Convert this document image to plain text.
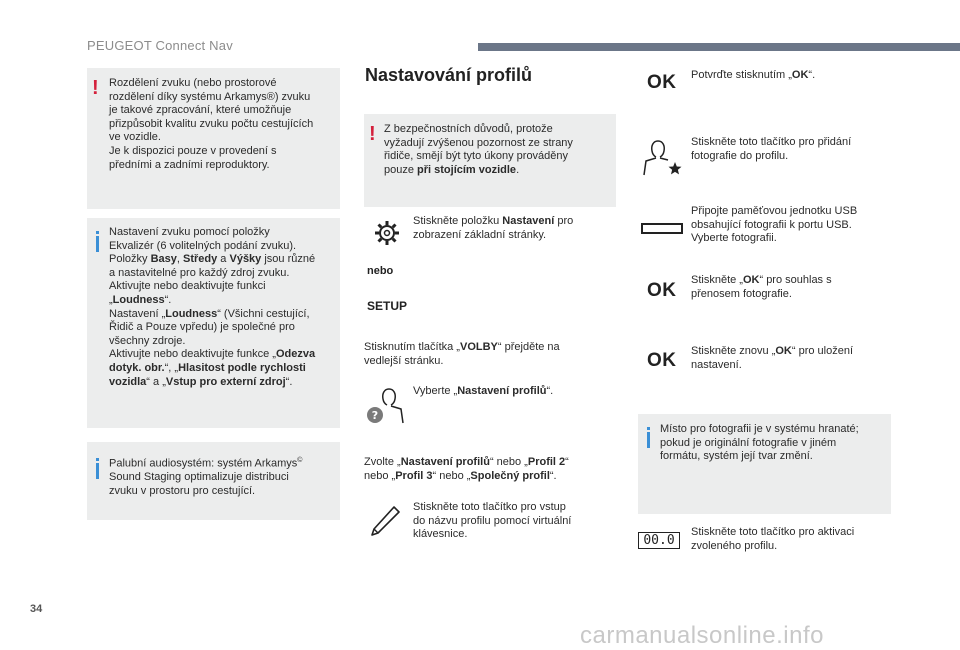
PEUGEOT Connect Nav
! Rozdělení zvuku (nebo prostorové

rozdělení díky systému Arkamys®) zvuku

je takové zpracování, které umožňuje

přizpůsobit kvalitu zvuku počtu cestujících

ve vozidle.

Je k dispozici pouze v provedení s

předními a zadními reproduktory.

Nastavení zvuku pomocí položky

Ekvalizér (6 volitelných podání zvuku).

Položky Basy, Středy a Výšky jsou různé

a nastavitelné pro každý zdroj zvuku.

Aktivujte nebo deaktivujte funkci

„Loudness“.

Nastavení „Loudness“ (Všichni cestující,

Řidič a Pouze vpředu) je společné pro

všechny zdroje.

Aktivujte nebo deaktivujte funkce „Odezva

dotyk. obr.“, „Hlasitost podle rychlosti

vozidla“ a „Vstup pro externí zdroj“.

Palubní audiosystém: systém Arkamys©

Sound Staging optimalizuje distribuci

zvuku v prostoru pro cestující.

Nastavování profilů
! Z bezpečnostních důvodů, protože

vyžadují zvýšenou pozornost ze strany

řidiče, smějí být tyto úkony prováděny

pouze při stojícím vozidle.

Stiskněte položku Nastavení pro
zobrazení základní stránky.
nebo
SETUP
Stisknutím tlačítka „VOLBY“ přejděte na
vedlejší stránku.
?
Vyberte „Nastavení profilů“.
Zvolte „Nastavení profilů“ nebo „Profil 2“
nebo „Profil 3“ nebo „Společný profil“.
Stiskněte toto tlačítko pro vstup
do názvu profilu pomocí virtuální
klávesnice.
OK Potvrďte stisknutím „OK“.
Stiskněte toto tlačítko pro přidání
fotografie do profilu.
Připojte paměťovou jednotku USB
obsahující fotografii k portu USB.
Vyberte fotografii.
OK Stiskněte „OK“ pro souhlas s
přenosem fotografie.
OK Stiskněte znovu „OK“ pro uložení
nastavení.

Místo pro fotografii je v systému hranaté;

pokud je originální fotografie v jiném

formátu, systém její tvar změní.

00.0
Stiskněte toto tlačítko pro aktivaci
zvoleného profilu.
34
carmanualsonline.info
